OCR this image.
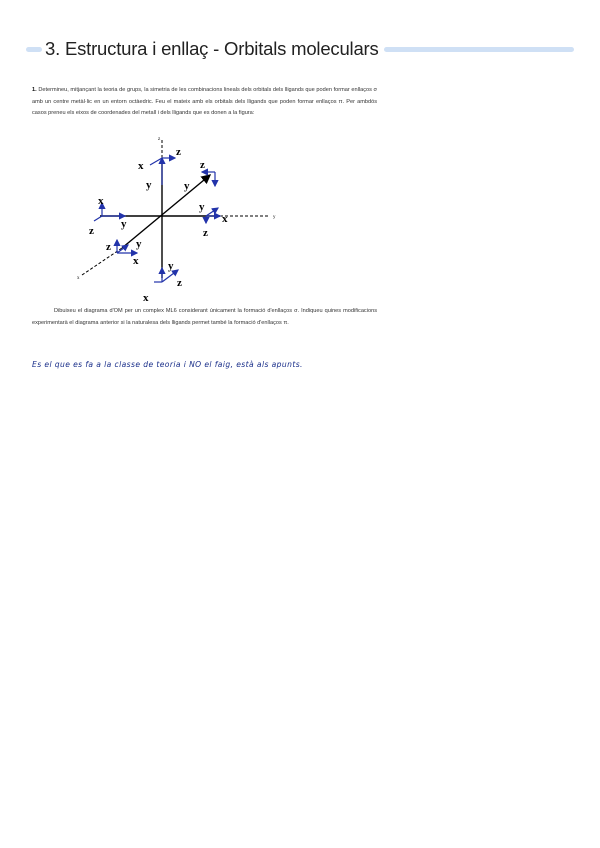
3. Estructura i enllaç - Orbitals moleculars

1. Determineu, mitjançant la teoria de grups, la simetria de les combinacions lineals dels orbitals dels lligands que poden formar enllaços σ amb un centre metàl·lic en un entorn octàedric. Feu el mateix amb els orbitals dels lligands que poden formar enllaços π. Per ambdós casos preneu els eixos de coordenades del metall i dels lligands que es donen a la figura:

z
y
x
x
z
y
z
y
y
x
z
x
y
z
z y
x	y
z
x

Dibuixeu el diagrama d'OM per un complex ML6 considerant únicament la formació d'enllaços σ. Indiqueu quines modificacions experimentarà el diagrama anterior si la naturalesa dels lligands permet també la formació d'enllaços π.

Es el que es fa a la classe de teoria i NO el faig, està als apunts.
